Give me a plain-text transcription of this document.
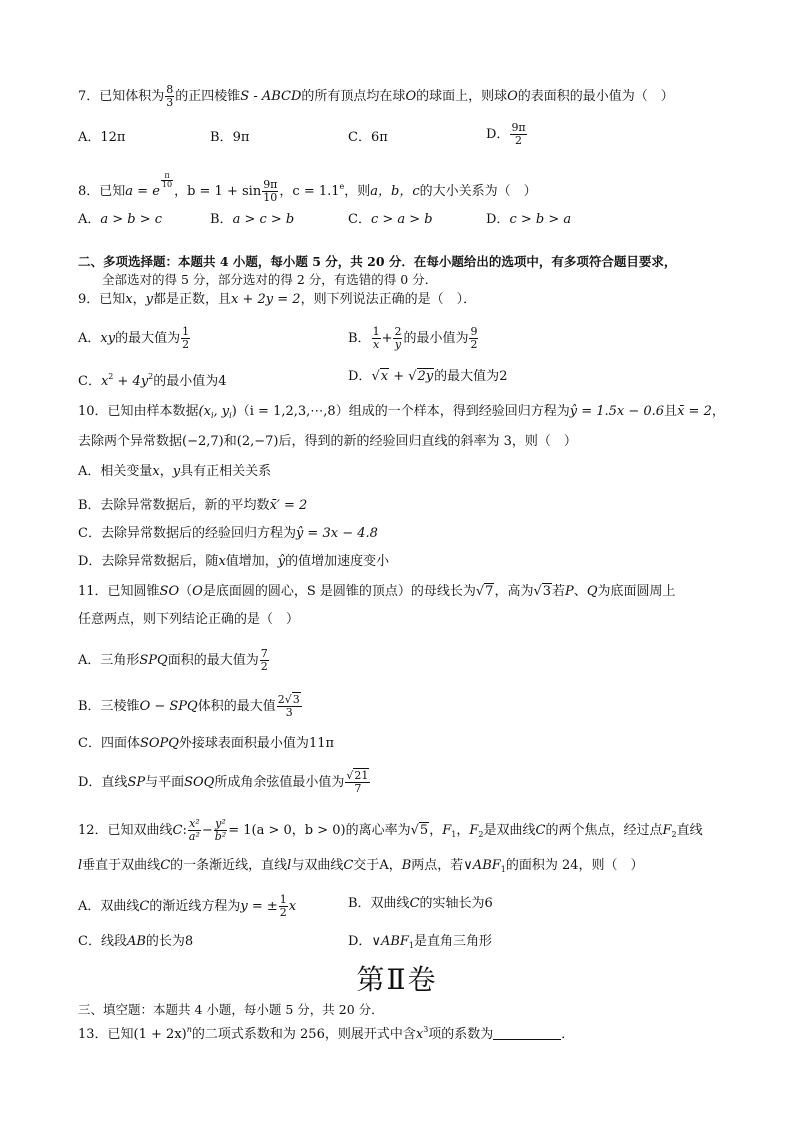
7．已知体积为 $\frac{8}{3}$ 的正四棱锥S - ABCD的所有顶点均在球O的球面上，则球O的表面积的最小值为（　）
A．12π	B．9π	C．6π	D． $\frac{9\pi}{2}$
8．已知a = e
$\frac{\pi}{10}$
，$b = 1 + \sin \frac{9\pi}{10}$ ，c = 1.1$^e$，则a，b，c的大小关系为（　）
A．a > b > c	B．a > c > b	C．c > a > b	D．c > b > a
二、多项选择题：本题共 4 小题，每小题 5 分，共 20 分．在每小题给出的选项中，有多项符合题目要求，
全部选对的得 5 分，部分选对的得 2 分，有选错的得 0 分．
9．已知x，y都是正数，且x + 2y = 2，则下列说法正确的是（　）．
A．xy的最大值为 $\frac{1}{2}$	B． $\frac{1}{x} + \frac{2}{y}$ 的最小值为 $\frac{9}{2}$
C．$x^2 + 4y^2$的最小值为4	D．√x + √2y的最大值为2
10．已知由样本数据($x_i$, $y_i)(i$ = 1,2,3,⋯,8）组成的一个样本，得到经验回归方程为ŷ = 1.5x − 0.6且x̄ = 2，
去除两个异常数据(−2,7)和(2,−7)后，得到的新的经验回归直线的斜率为 3，则（　）
A．相关变量x，y具有正相关关系
B．去除异常数据后，新的平均数x̄′ = 2
C．去除异常数据后的经验回归方程为ŷ = 3x − 4.8
D．去除异常数据后，随x值增加，ŷ的值增加速度变小
11．已知圆锥SO（O是底面圆的圆心，S 是圆锥的顶点）的母线长为√7，高为√3若P、Q为底面圆周上
任意两点，则下列结论正确的是（　）
A．三角形SPQ面积的最大值为 $\frac{7}{2}$
B．三棱锥O − SPQ体积的最大值 $\frac{2√3}{3}$
C．四面体SOPQ外接球表面积最小值为11π
D．直线SP与平面SOQ所成角余弦值最小值为 $\frac{√21}{7}$
12．已知双曲线C: $\frac{\text{x²}}{\text{a²}} - \frac{\text{y²}}{\text{b²}} = 1(a > 0$，b > 0)的离心率为√5，$F_1$，$F_2$是双曲线C的两个焦点，经过点$F_2$直线
l垂直于双曲线C的一条渐近线，直线l与双曲线C交于A，B两点，若$\vee ABF_1$的面积为 24，则（　）
A．双曲线C的渐近线方程为y = ± $\frac{1}{2}$ x	B．双曲线C的实轴长为6
C．线段AB的长为8	D．$\vee ABF_1$是直角三角形
第Ⅱ卷
三、填空题：本题共 4 小题，每小题 5 分，共 20 分．
13．已知$(1 + 2x)^n$的二项式系数和为 256，则展开式中含$x^3$项的系数为	．
